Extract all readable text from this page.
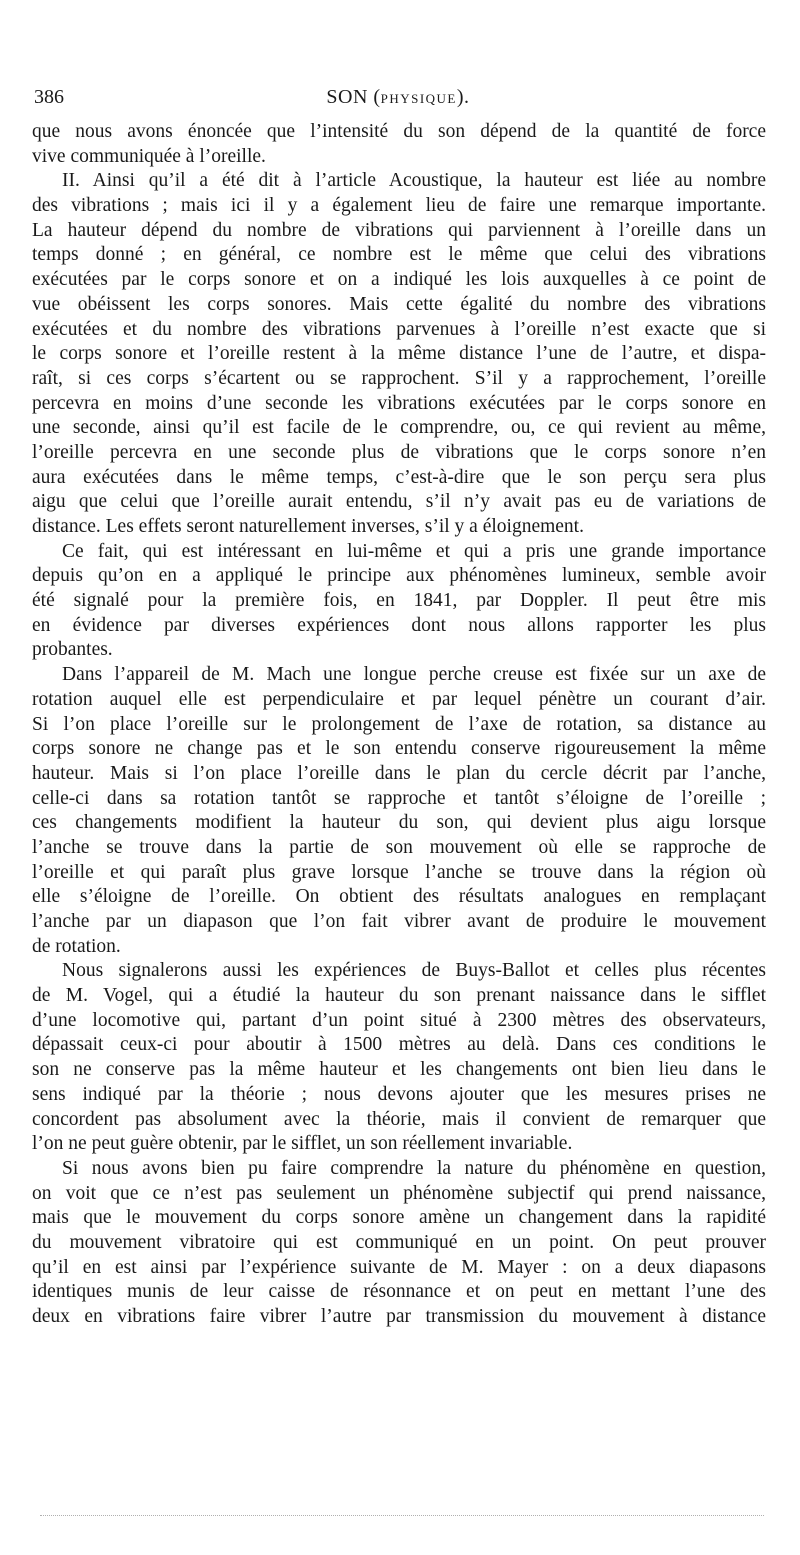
386	SON (PHYSIQUE).
que nous avons énoncée que l’intensité du son dépend de la quantité de force
vive communiquée à l’oreille.
II. Ainsi qu’il a été dit à l’article Acoustique, la hauteur est liée au nombre
des vibrations ; mais ici il y a également lieu de faire une remarque importante.
La hauteur dépend du nombre de vibrations qui parviennent à l’oreille dans un
temps donné ; en général, ce nombre est le même que celui des vibrations
exécutées par le corps sonore et on a indiqué les lois auxquelles à ce point de
vue obéissent les corps sonores. Mais cette égalité du nombre des vibrations
exécutées et du nombre des vibrations parvenues à l’oreille n’est exacte que si
le corps sonore et l’oreille restent à la même distance l’une de l’autre, et dispa-
raît, si ces corps s’écartent ou se rapprochent. S’il y a rapprochement, l’oreille
percevra en moins d’une seconde les vibrations exécutées par le corps sonore en
une seconde, ainsi qu’il est facile de le comprendre, ou, ce qui revient au même,
l’oreille percevra en une seconde plus de vibrations que le corps sonore n’en
aura exécutées dans le même temps, c’est-à-dire que le son perçu sera plus
aigu que celui que l’oreille aurait entendu, s’il n’y avait pas eu de variations de
distance. Les effets seront naturellement inverses, s’il y a éloignement.
Ce fait, qui est intéressant en lui-même et qui a pris une grande importance
depuis qu’on en a appliqué le principe aux phénomènes lumineux, semble avoir
été signalé pour la première fois, en 1841, par Doppler. Il peut être mis
en évidence par diverses expériences dont nous allons rapporter les plus
probantes.
Dans l’appareil de M. Mach une longue perche creuse est fixée sur un axe de
rotation auquel elle est perpendiculaire et par lequel pénètre un courant d’air.
Si l’on place l’oreille sur le prolongement de l’axe de rotation, sa distance au
corps sonore ne change pas et le son entendu conserve rigoureusement la même
hauteur. Mais si l’on place l’oreille dans le plan du cercle décrit par l’anche,
celle-ci dans sa rotation tantôt se rapproche et tantôt s’éloigne de l’oreille ;
ces changements modifient la hauteur du son, qui devient plus aigu lorsque
l’anche se trouve dans la partie de son mouvement où elle se rapproche de
l’oreille et qui paraît plus grave lorsque l’anche se trouve dans la région où
elle s’éloigne de l’oreille. On obtient des résultats analogues en remplaçant
l’anche par un diapason que l’on fait vibrer avant de produire le mouvement
de rotation.
Nous signalerons aussi les expériences de Buys-Ballot et celles plus récentes
de M. Vogel, qui a étudié la hauteur du son prenant naissance dans le sifflet
d’une locomotive qui, partant d’un point situé à 2300 mètres des observateurs,
dépassait ceux-ci pour aboutir à 1500 mètres au delà. Dans ces conditions le
son ne conserve pas la même hauteur et les changements ont bien lieu dans le
sens indiqué par la théorie ; nous devons ajouter que les mesures prises ne
concordent pas absolument avec la théorie, mais il convient de remarquer que
l’on ne peut guère obtenir, par le sifflet, un son réellement invariable.
Si nous avons bien pu faire comprendre la nature du phénomène en question,
on voit que ce n’est pas seulement un phénomène subjectif qui prend naissance,
mais que le mouvement du corps sonore amène un changement dans la rapidité
du mouvement vibratoire qui est communiqué en un point. On peut prouver
qu’il en est ainsi par l’expérience suivante de M. Mayer : on a deux diapasons
identiques munis de leur caisse de résonnance et on peut en mettant l’une des
deux en vibrations faire vibrer l’autre par transmission du mouvement à distance
